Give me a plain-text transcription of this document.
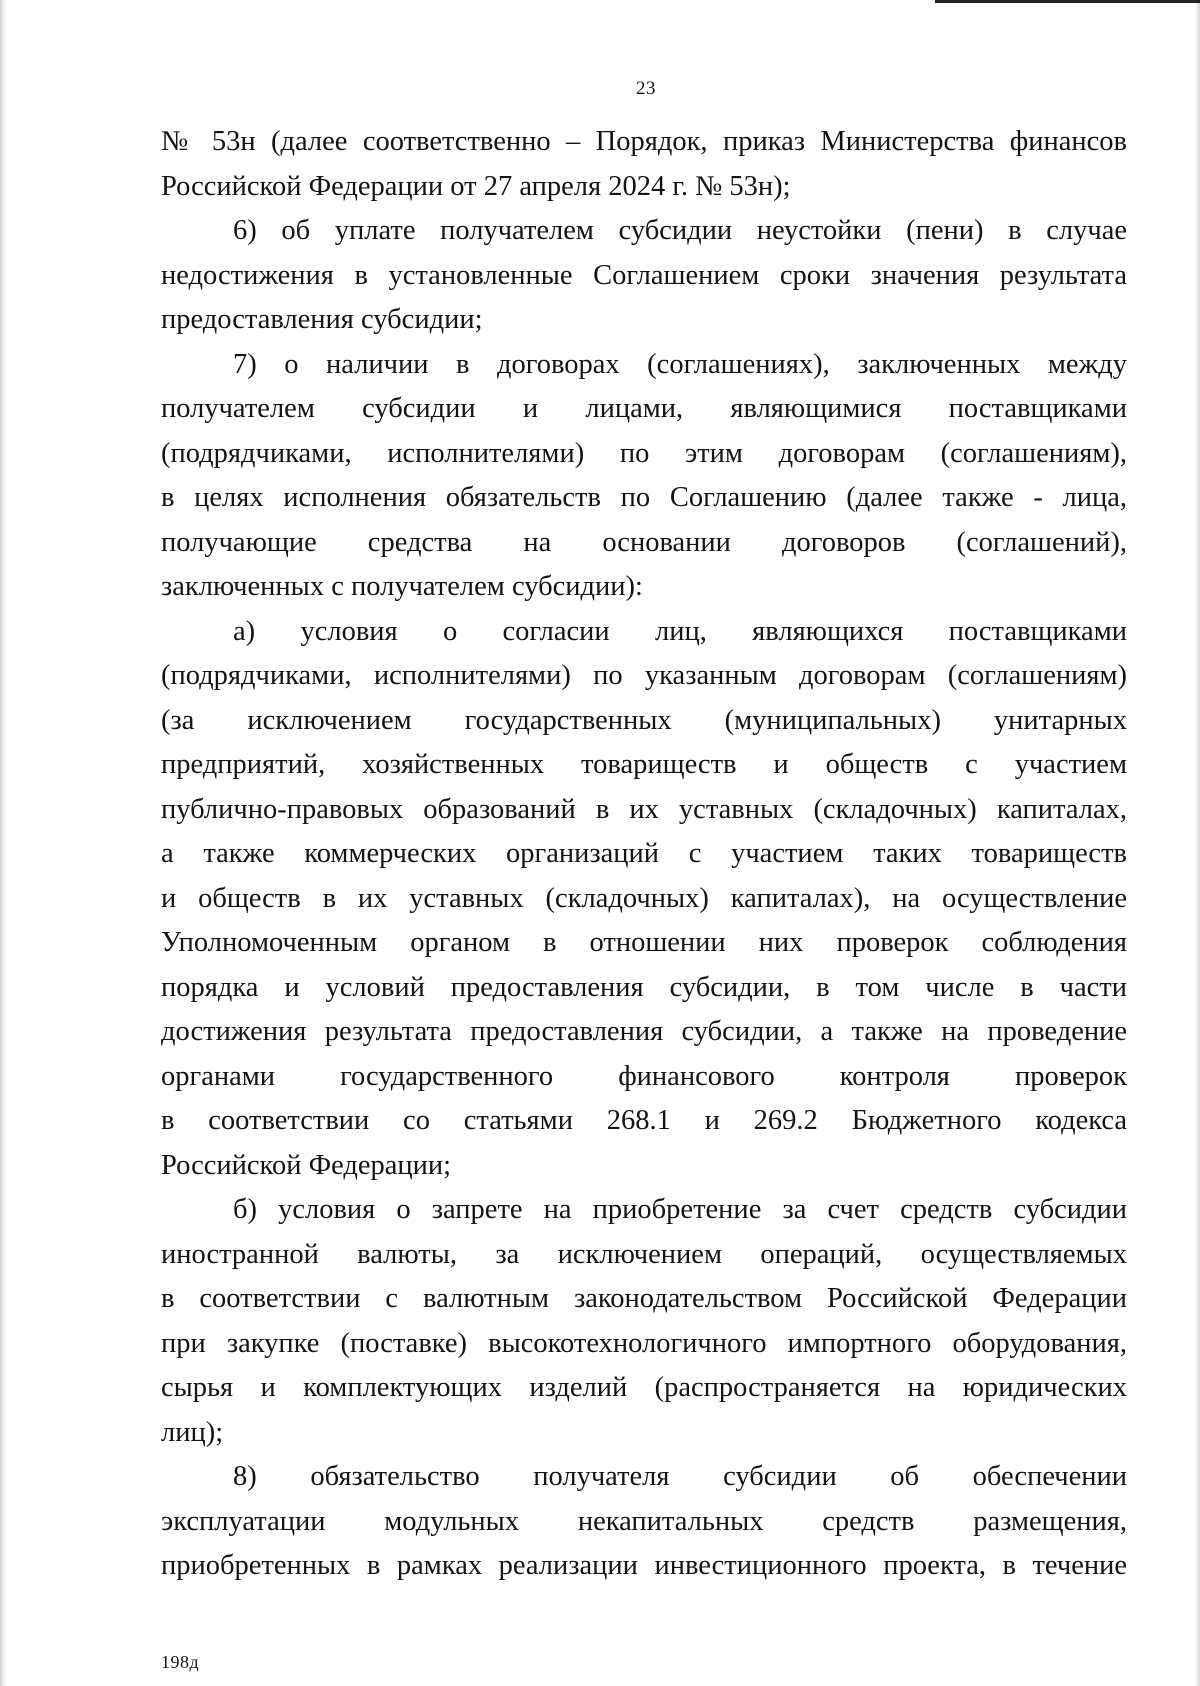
23
№ 53н (далее соответственно – Порядок, приказ Министерства финансов
Российской Федерации от 27 апреля 2024 г. № 53н);
6) об уплате получателем субсидии неустойки (пени) в случае
недостижения в установленные Соглашением сроки значения результата
предоставления субсидии;
7) о наличии в договорах (соглашениях), заключенных между
получателем субсидии и лицами, являющимися поставщиками
(подрядчиками, исполнителями) по этим договорам (соглашениям),
в целях исполнения обязательств по Соглашению (далее также - лица,
получающие средства на основании договоров (соглашений),
заключенных с получателем субсидии):
а) условия о согласии лиц, являющихся поставщиками
(подрядчиками, исполнителями) по указанным договорам (соглашениям)
(за исключением государственных (муниципальных) унитарных
предприятий, хозяйственных товариществ и обществ с участием
публично-правовых образований в их уставных (складочных) капиталах,
а также коммерческих организаций с участием таких товариществ
и обществ в их уставных (складочных) капиталах), на осуществление
Уполномоченным органом в отношении них проверок соблюдения
порядка и условий предоставления субсидии, в том числе в части
достижения результата предоставления субсидии, а также на проведение
органами государственного финансового контроля проверок
в соответствии со статьями 268.1 и 269.2 Бюджетного кодекса
Российской Федерации;
б) условия о запрете на приобретение за счет средств субсидии
иностранной валюты, за исключением операций, осуществляемых
в соответствии с валютным законодательством Российской Федерации
при закупке (поставке) высокотехнологичного импортного оборудования,
сырья и комплектующих изделий (распространяется на юридических
лиц);
8) обязательство получателя субсидии об обеспечении
эксплуатации модульных некапитальных средств размещения,
приобретенных в рамках реализации инвестиционного проекта, в течение
198д
